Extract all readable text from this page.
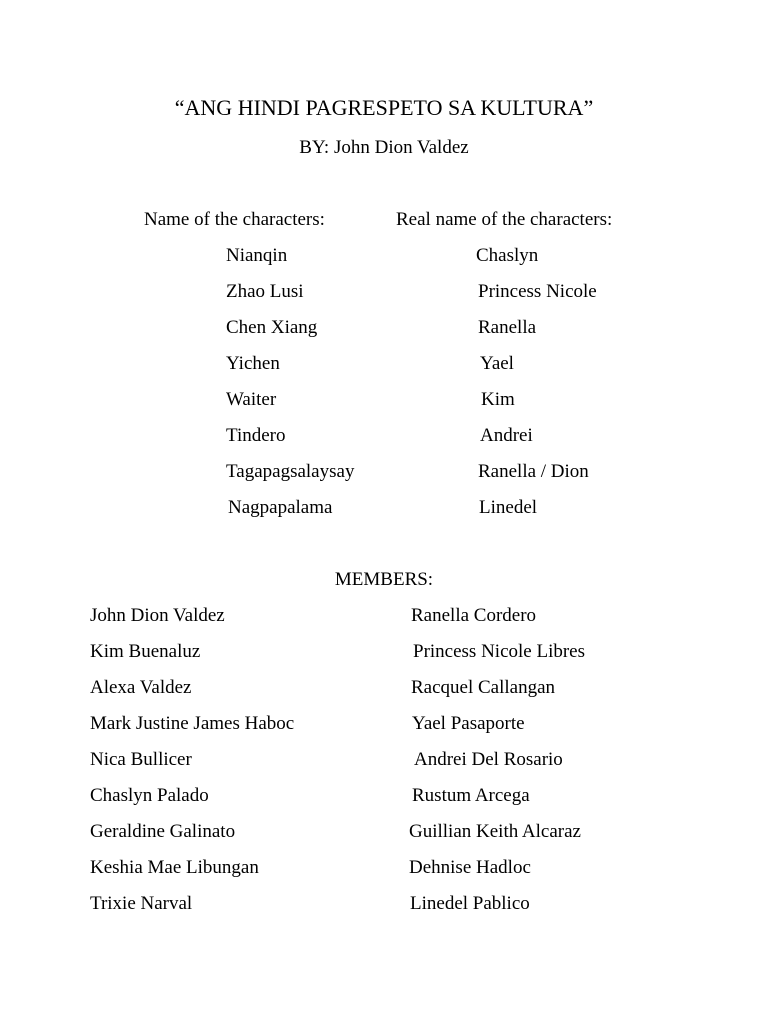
“ANG HINDI PAGRESPETO SA KULTURA”
BY: John Dion Valdez
Name of the characters:	Real name of the characters:
Nianqin	Chaslyn
Zhao Lusi	Princess Nicole
Chen Xiang	Ranella
Yichen	Yael
Waiter	Kim
Tindero	Andrei
Tagapagsalaysay	Ranella / Dion
Nagpapalama	Linedel
MEMBERS:
John Dion Valdez	Ranella Cordero
Kim Buenaluz	Princess Nicole Libres
Alexa Valdez	Racquel Callangan
Mark Justine James Haboc	Yael Pasaporte
Nica Bullicer	Andrei Del Rosario
Chaslyn Palado	Rustum Arcega
Geraldine Galinato	Guillian Keith Alcaraz
Keshia Mae Libungan	Dehnise Hadloc
Trixie Narval	Linedel Pablico
